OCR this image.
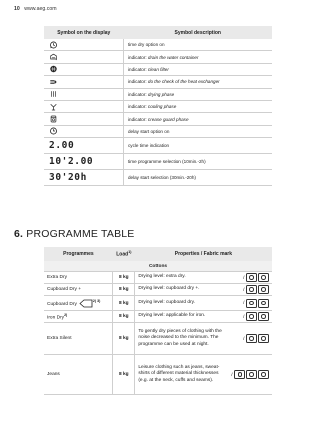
10 www.aeg.com
Symbol on the display	Symbol description
	time dry option on
	indicator: drain the water container
	indicator: clean filter
	indicator: do the check of the heat exchanger
	indicator: drying phase
	indicator: cooling phase
	indicator: crease guard phase
	delay start option on
2.00	cycle time indication
10'2.00	time programme selection (10min.-2h)
30'20h	delay start selection (30min.-20h)
6. PROGRAMME TABLE
Programmes	Load$^{1)}$	Properties / Fabric mark	
Cottons			
Extra Dry	8 kg	Drying level: extra dry.	/
Cupboard Dry +	8 kg	Drying level: cupboard dry +.	/
Cupboard Dry$^{2) 3)}$	8 kg	Drying level: cupboard dry.	/
Iron Dry$^{2)}$	8 kg	Drying level: applicable for iron.	/
Extra Silent	8 kg	To gently dry pieces of clothing with the noise decreased to the minimum. The programme can be used at night.	/
Jeans	8 kg	Leisure clothing such as jeans, sweat-shirts of different material thicknesses (e.g. at the neck, cuffs and seams).	/
